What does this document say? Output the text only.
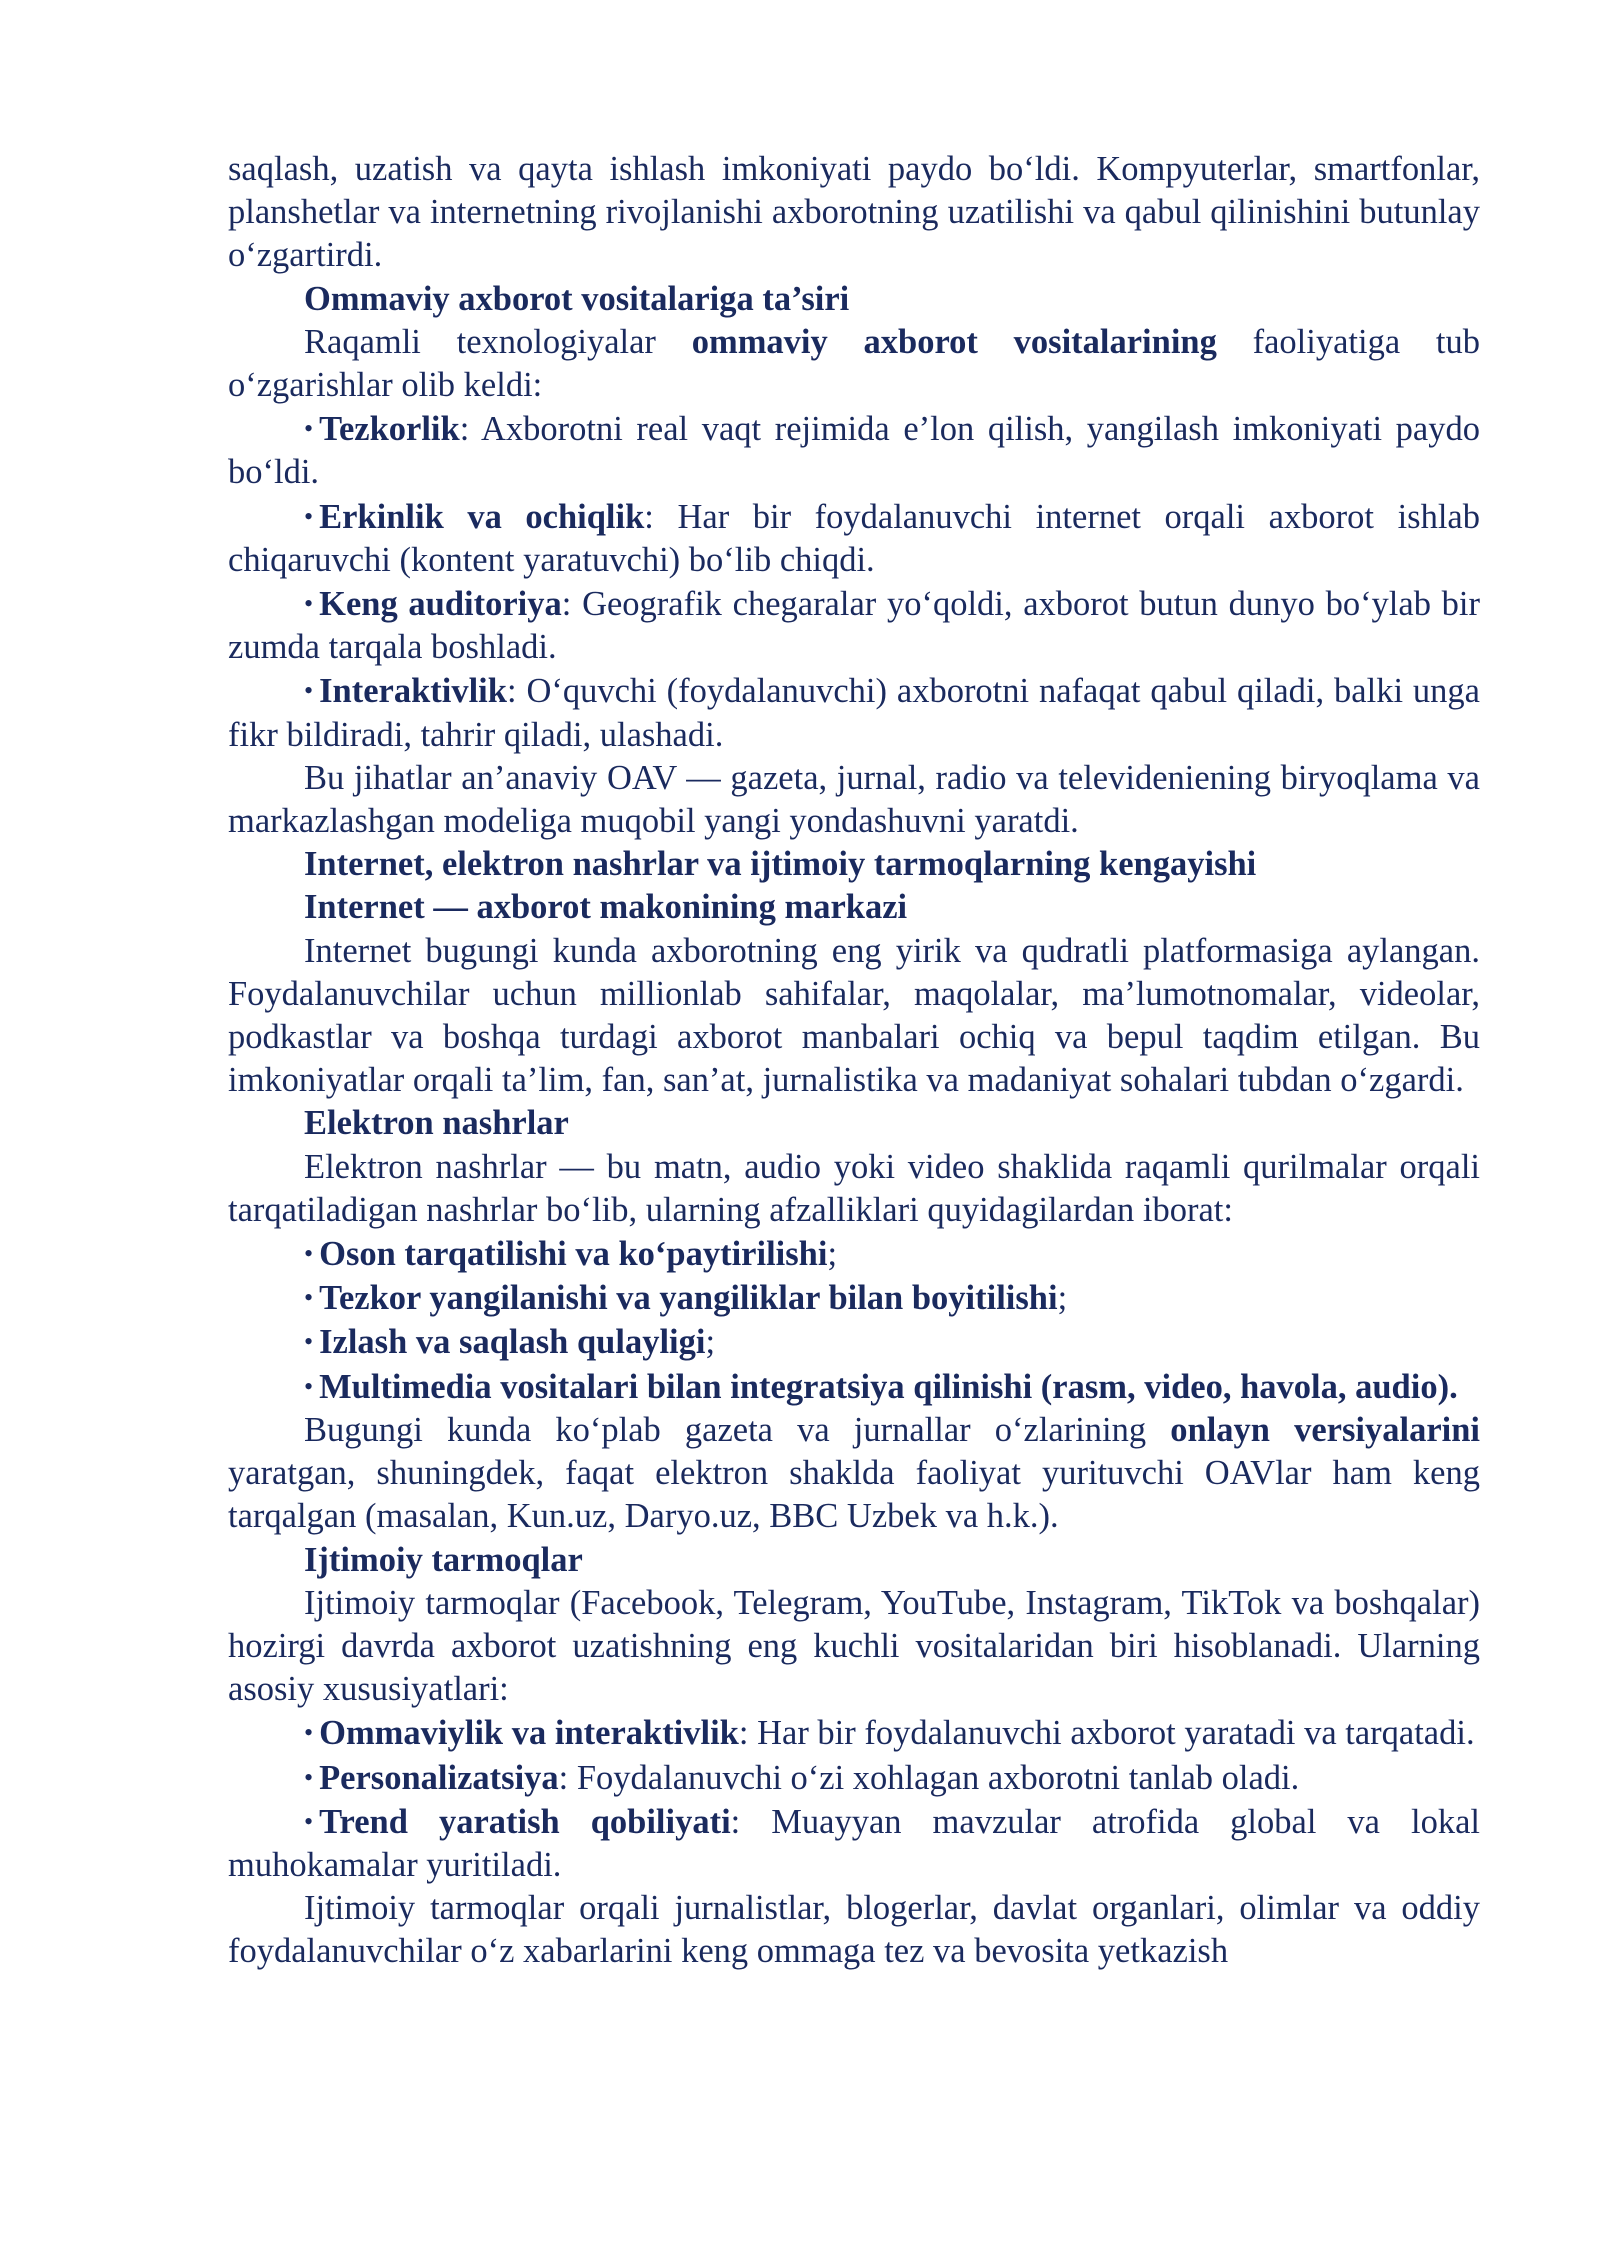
saqlash, uzatish va qayta ishlash imkoniyati paydo bo‘ldi. Kompyuterlar, smartfonlar, planshetlar va internetning rivojlanishi axborotning uzatilishi va qabul qilinishini butunlay o‘zgartirdi.

Ommaviy axborot vositalariga ta’siri

Raqamli texnologiyalar ommaviy axborot vositalarining faoliyatiga tub o‘zgarishlar olib keldi:

• Tezkorlik: Axborotni real vaqt rejimida e’lon qilish, yangilash imkoniyati paydo bo‘ldi.

• Erkinlik va ochiqlik: Har bir foydalanuvchi internet orqali axborot ishlab chiqaruvchi (kontent yaratuvchi) bo‘lib chiqdi.

• Keng auditoriya: Geografik chegaralar yo‘qoldi, axborot butun dunyo bo‘ylab bir zumda tarqala boshladi.

• Interaktivlik: O‘quvchi (foydalanuvchi) axborotni nafaqat qabul qiladi, balki unga fikr bildiradi, tahrir qiladi, ulashadi.

Bu jihatlar an’anaviy OAV — gazeta, jurnal, radio va televideniening biryoqlama va markazlashgan modeliga muqobil yangi yondashuvni yaratdi.

Internet, elektron nashrlar va ijtimoiy tarmoqlarning kengayishi

Internet — axborot makonining markazi

Internet bugungi kunda axborotning eng yirik va qudratli platformasiga aylangan. Foydalanuvchilar uchun millionlab sahifalar, maqolalar, ma’lumotnomalar, videolar, podkastlar va boshqa turdagi axborot manbalari ochiq va bepul taqdim etilgan. Bu imkoniyatlar orqali ta’lim, fan, san’at, jurnalistika va madaniyat sohalari tubdan o‘zgardi.

Elektron nashrlar

Elektron nashrlar — bu matn, audio yoki video shaklida raqamli qurilmalar orqali tarqatiladigan nashrlar bo‘lib, ularning afzalliklari quyidagilardan iborat:

• Oson tarqatilishi va ko‘paytirilishi;

• Tezkor yangilanishi va yangiliklar bilan boyitilishi;

• Izlash va saqlash qulayligi;

• Multimedia vositalari bilan integratsiya qilinishi (rasm, video, havola, audio).

Bugungi kunda ko‘plab gazeta va jurnallar o‘zlarining onlayn versiyalarini yaratgan, shuningdek, faqat elektron shaklda faoliyat yurituvchi OAVlar ham keng tarqalgan (masalan, Kun.uz, Daryo.uz, BBC Uzbek va h.k.).

Ijtimoiy tarmoqlar

Ijtimoiy tarmoqlar (Facebook, Telegram, YouTube, Instagram, TikTok va boshqalar) hozirgi davrda axborot uzatishning eng kuchli vositalaridan biri hisoblanadi. Ularning asosiy xususiyatlari:

• Ommaviylik va interaktivlik: Har bir foydalanuvchi axborot yaratadi va tarqatadi.

• Personalizatsiya: Foydalanuvchi o‘zi xohlagan axborotni tanlab oladi.

• Trend yaratish qobiliyati: Muayyan mavzular atrofida global va lokal muhokamalar yuritiladi.

Ijtimoiy tarmoqlar orqali jurnalistlar, blogerlar, davlat organlari, olimlar va oddiy foydalanuvchilar o‘z xabarlarini keng ommaga tez va bevosita yetkazish
